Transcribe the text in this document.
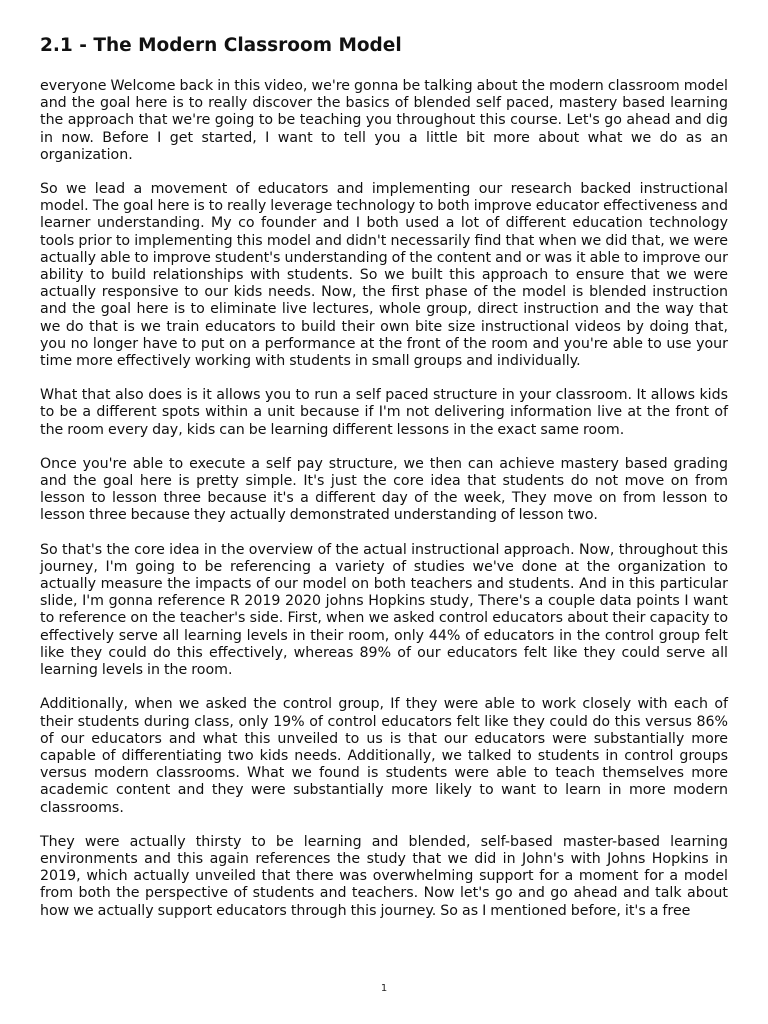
2.1 - The Modern Classroom Model

everyone Welcome back in this video, we're gonna be talking about the modern classroom model and the goal here is to really discover the basics of blended self paced, mastery based learning the approach that we're going to be teaching you throughout this course. Let's go ahead and dig in now. Before I get started, I want to tell you a little bit more about what we do as an organization.

So we lead a movement of educators and implementing our research backed instructional model. The goal here is to really leverage technology to both improve educator effectiveness and learner understanding. My co founder and I both used a lot of different education technology tools prior to implementing this model and didn't necessarily find that when we did that, we were actually able to improve student's understanding of the content and or was it able to improve our ability to build relationships with students. So we built this approach to ensure that we were actually responsive to our kids needs. Now, the first phase of the model is blended instruction and the goal here is to eliminate live lectures, whole group, direct instruction and the way that we do that is we train educators to build their own bite size instructional videos by doing that, you no longer have to put on a performance at the front of the room and you're able to use your time more effectively working with students in small groups and individually.

What that also does is it allows you to run a self paced structure in your classroom. It allows kids to be a different spots within a unit because if I'm not delivering information live at the front of the room every day, kids can be learning different lessons in the exact same room.

Once you're able to execute a self pay structure, we then can achieve mastery based grading and the goal here is pretty simple. It's just the core idea that students do not move on from lesson to lesson three because it's a different day of the week, They move on from lesson to lesson three because they actually demonstrated understanding of lesson two.

So that's the core idea in the overview of the actual instructional approach. Now, throughout this journey, I'm going to be referencing a variety of studies we've done at the organization to actually measure the impacts of our model on both teachers and students. And in this particular slide, I'm gonna reference R 2019 2020 johns Hopkins study, There's a couple data points I want to reference on the teacher's side. First, when we asked control educators about their capacity to effectively serve all learning levels in their room, only 44% of educators in the control group felt like they could do this effectively, whereas 89% of our educators felt like they could serve all learning levels in the room.

Additionally, when we asked the control group, If they were able to work closely with each of their students during class, only 19% of control educators felt like they could do this versus 86% of our educators and what this unveiled to us is that our educators were substantially more capable of differentiating two kids needs. Additionally, we talked to students in control groups versus modern classrooms. What we found is students were able to teach themselves more academic content and they were substantially more likely to want to learn in more modern classrooms.

They were actually thirsty to be learning and blended, self-based master-based learning environments and this again references the study that we did in John's with Johns Hopkins in 2019, which actually unveiled that there was overwhelming support for a moment for a model from both the perspective of students and teachers. Now let's go and go ahead and talk about how we actually support educators through this journey. So as I mentioned before, it's a free

1
